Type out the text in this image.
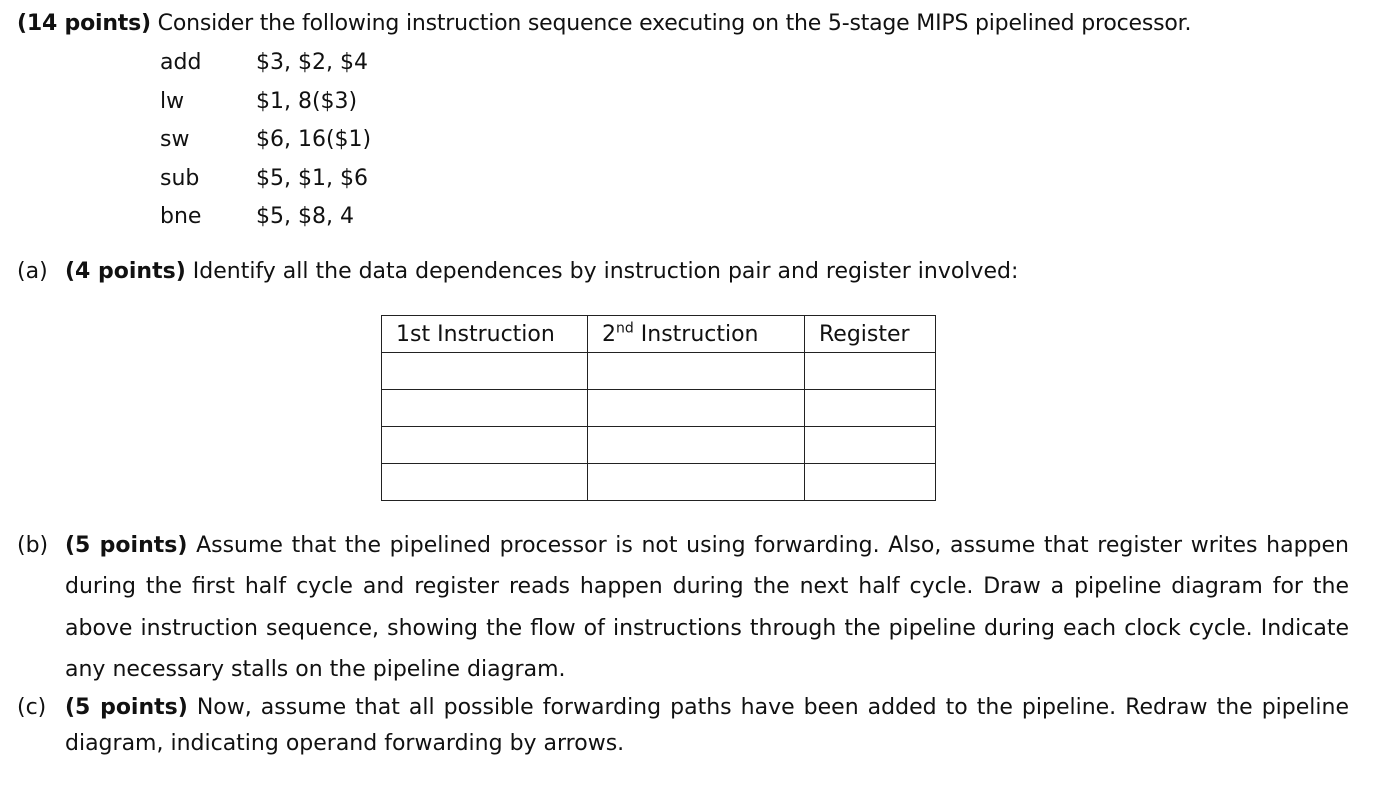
(14 points) Consider the following instruction sequence executing on the 5-stage MIPS pipelined processor.
add	$3, $2, $4
lw	$1, 8($3)
sw	$6, 16($1)
sub	$5, $1, $6
bne	$5, $8, 4
(a) (4 points) Identify all the data dependences by instruction pair and register involved:
1st Instruction	2nd Instruction	Register

(b) (5 points) Assume that the pipelined processor is not using forwarding. Also, assume that register writes happen during the first half cycle and register reads happen during the next half cycle. Draw a pipeline diagram for the above instruction sequence, showing the flow of instructions through the pipeline during each clock cycle. Indicate any necessary stalls on the pipeline diagram.
(c) (5 points) Now, assume that all possible forwarding paths have been added to the pipeline. Redraw the pipeline diagram, indicating operand forwarding by arrows.
